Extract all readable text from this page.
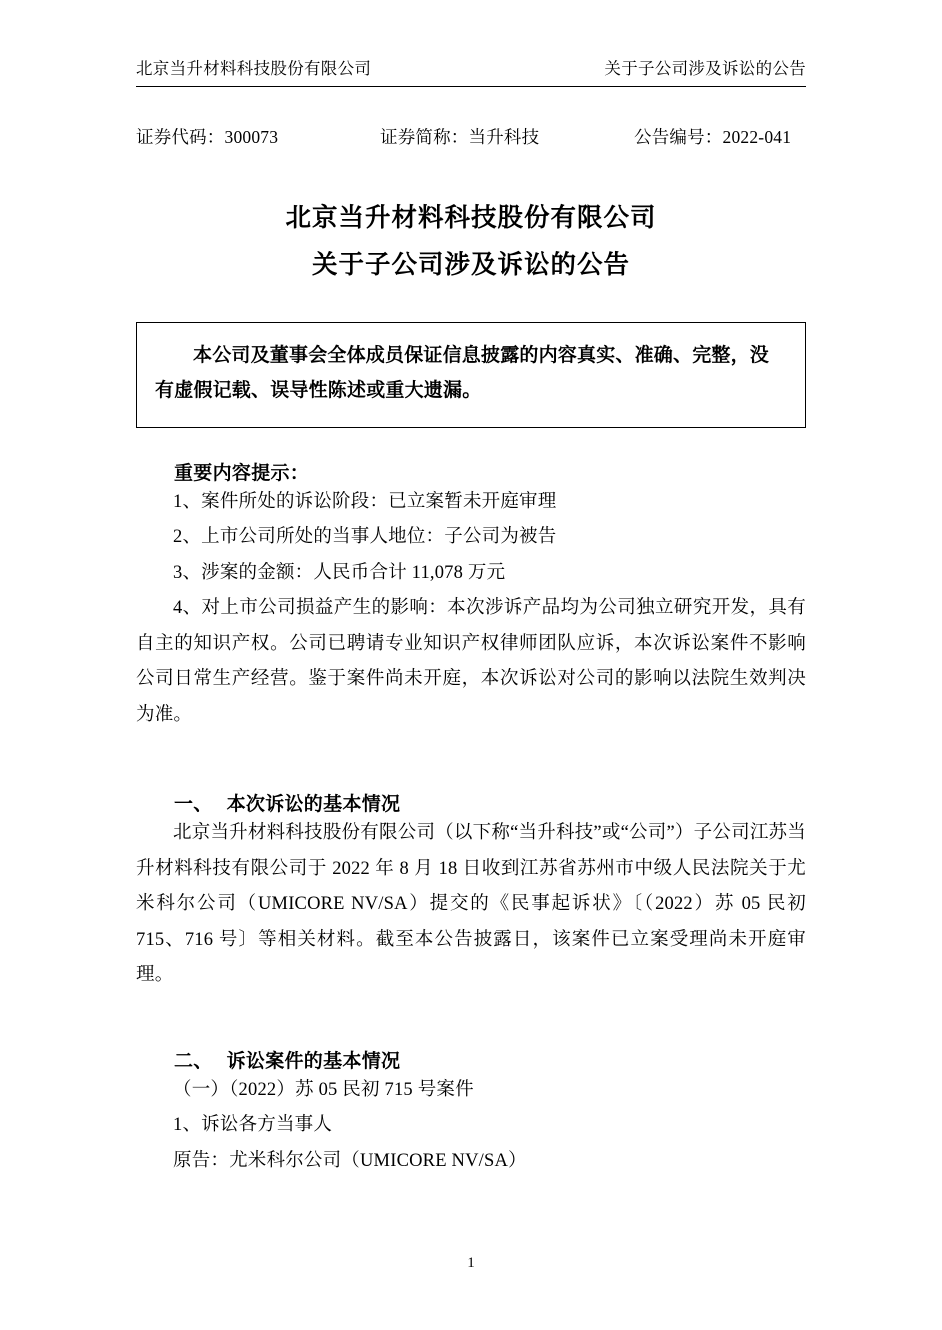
北京当升材料科技股份有限公司	关于子公司涉及诉讼的公告
证券代码：300073	证券简称：当升科技	公告编号：2022-041
北京当升材料科技股份有限公司
关于子公司涉及诉讼的公告

本公司及董事会全体成员保证信息披露的内容真实、准确、完整，没有虚假记载、误导性陈述或重大遗漏。

重要内容提示：

1、案件所处的诉讼阶段：已立案暂未开庭审理

2、上市公司所处的当事人地位：子公司为被告

3、涉案的金额：人民币合计 11,078 万元

4、对上市公司损益产生的影响：本次涉诉产品均为公司独立研究开发，具有自主的知识产权。公司已聘请专业知识产权律师团队应诉，本次诉讼案件不影响公司日常生产经营。鉴于案件尚未开庭，本次诉讼对公司的影响以法院生效判决为准。

一、 本次诉讼的基本情况

北京当升材料科技股份有限公司（以下称“当升科技”或“公司”）子公司江苏当升材料科技有限公司于 2022 年 8 月 18 日收到江苏省苏州市中级人民法院关于尤米科尔公司（UMICORE NV/SA）提交的《民事起诉状》〔（2022）苏 05 民初 715、716 号〕等相关材料。截至本公告披露日，该案件已立案受理尚未开庭审理。

二、 诉讼案件的基本情况

（一）（2022）苏 05 民初 715 号案件

1、诉讼各方当事人

原告：尤米科尔公司（UMICORE NV/SA）

1
